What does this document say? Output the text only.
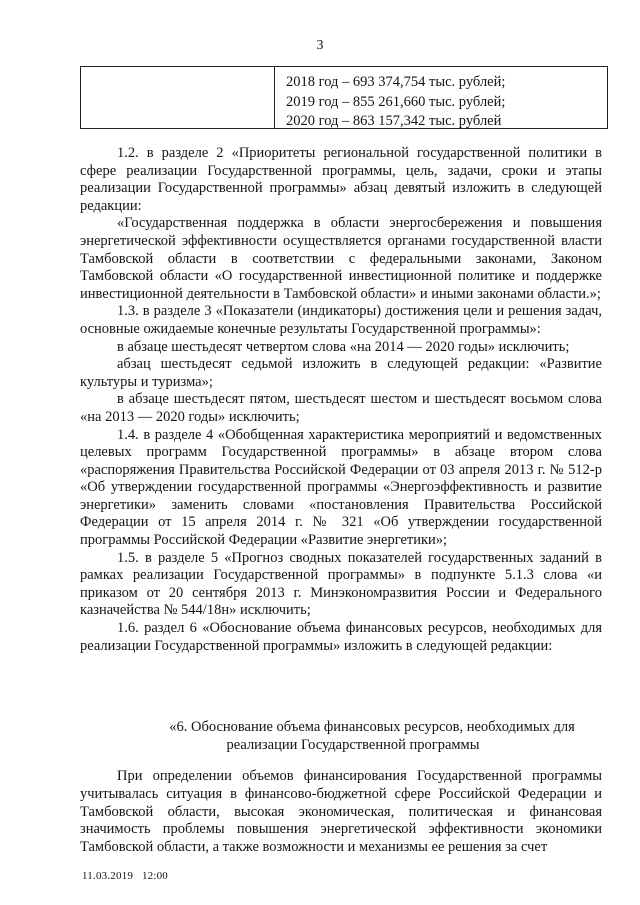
3
2018 год – 693 374,754 тыс. рублей;
2019 год – 855 261,660 тыс. рублей;
2020 год – 863 157,342 тыс. рублей

1.2. в разделе 2 «Приоритеты региональной государственной политики в сфере реализации Государственной программы, цель, задачи, сроки и этапы реализации Государственной программы» абзац девятый изложить в следующей редакции:

«Государственная поддержка в области энергосбережения и повышения энергетической эффективности осуществляется органами государственной власти Тамбовской области в соответствии с федеральными законами, Законом Тамбовской области «О государственной инвестиционной политике и поддержке инвестиционной деятельности в Тамбовской области» и иными законами области.»;

1.3. в разделе 3 «Показатели (индикаторы) достижения цели и решения задач, основные ожидаемые конечные результаты Государственной программы»:

в абзаце шестьдесят четвертом слова «на 2014 — 2020 годы» исключить;

абзац шестьдесят седьмой изложить в следующей редакции: «Развитие культуры и туризма»;

в абзаце шестьдесят пятом, шестьдесят шестом и шестьдесят восьмом слова «на 2013 — 2020 годы» исключить;

1.4. в разделе 4 «Обобщенная характеристика мероприятий и ведомственных целевых программ Государственной программы» в абзаце втором слова «распоряжения Правительства Российской Федерации от 03 апреля 2013 г. № 512-р «Об утверждении государственной программы «Энергоэффективность и развитие энергетики» заменить словами «постановления Правительства Российской Федерации от 15 апреля 2014 г. № 321 «Об утверждении государственной программы Российской Федерации «Развитие энергетики»;

1.5. в разделе 5 «Прогноз сводных показателей государственных заданий в рамках реализации Государственной программы» в подпункте 5.1.3 слова «и приказом от 20 сентября 2013 г. Минэкономразвития России и Федерального казначейства № 544/18н» исключить;

1.6. раздел 6 «Обоснование объема финансовых ресурсов, необходимых для реализации Государственной программы» изложить в следующей редакции:

«6. Обоснование объема финансовых ресурсов, необходимых для
реализации Государственной программы

При определении объемов финансирования Государственной программы учитывалась ситуация в финансово-бюджетной сфере Российской Федерации и Тамбовской области, высокая экономическая, политическая и финансовая значимость проблемы повышения энергетической эффективности экономики Тамбовской области, а также возможности и механизмы ее решения за счет

11.03.2019 12:00
